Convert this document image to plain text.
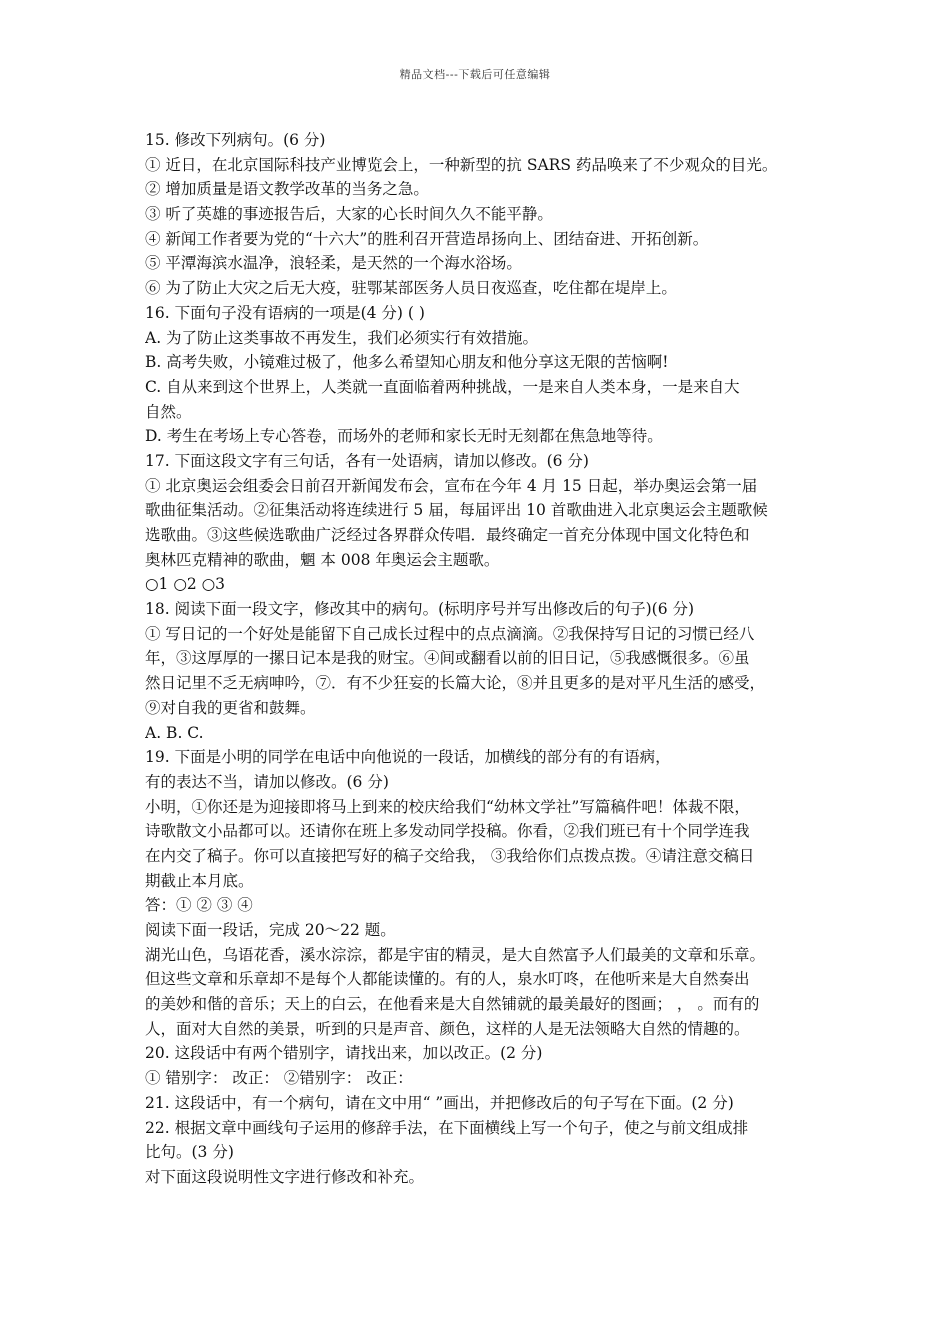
精品文档---下载后可任意编辑
15. 修改下列病句。(6 分)
① 近日，在北京国际科技产业博览会上，一种新型的抗 SARS 药品唤来了不少观众的目光。
② 增加质量是语文教学改革的当务之急。
③ 听了英雄的事迹报告后，大家的心长时间久久不能平静。
④ 新闻工作者要为党的“十六大”的胜利召开营造昂扬向上、团结奋进、开拓创新。
⑤ 平潭海滨水温净，浪轻柔，是天然的一个海水浴场。
⑥ 为了防止大灾之后无大疫，驻鄂某部医务人员日夜巡查，吃住都在堤岸上。
16. 下面句子没有语病的一项是(4 分) ( )
A. 为了防止这类事故不再发生，我们必须实行有效措施。
B. 高考失败，小镜难过极了，他多么希望知心朋友和他分享这无限的苦恼啊!
C. 自从来到这个世界上，人类就一直面临着两种挑战，一是来自人类本身，一是来自大
自然。
D. 考生在考场上专心答卷，而场外的老师和家长无时无刻都在焦急地等待。
17. 下面这段文字有三句话，各有一处语病，请加以修改。(6 分)
① 北京奥运会组委会日前召开新闻发布会，宣布在今年 4 月 15 日起，举办奥运会第一届
歌曲征集活动。②征集活动将连续进行 5 届，每届评出 10 首歌曲进入北京奥运会主题歌候
选歌曲。③这些候选歌曲广泛经过各界群众传唱．最终确定一首充分体现中国文化特色和
奥林匹克精神的歌曲，魍 本 008 年奥运会主题歌。
○1 ○2 ○3
18. 阅读下面一段文字，修改其中的病句。(标明序号并写出修改后的句子)(6 分)
① 写日记的一个好处是能留下自己成长过程中的点点滴滴。②我保持写日记的习惯已经八
年，③这厚厚的一摞日记本是我的财宝。④间或翻看以前的旧日记，⑤我感慨很多。⑥虽
然日记里不乏无病呻吟，⑦．有不少狂妄的长篇大论，⑧并且更多的是对平凡生活的感受，
⑨对自我的更省和鼓舞。
A. B. C.
19. 下面是小明的同学在电话中向他说的一段话，加横线的部分有的有语病，
有的表达不当，请加以修改。(6 分)
小明，①你还是为迎接即将马上到来的校庆给我们“幼林文学社”写篇稿件吧！体裁不限，
诗歌散文小品都可以。还请你在班上多发动同学投稿。你看，②我们班已有十个同学连我
在内交了稿子。你可以直接把写好的稿子交给我， ③我给你们点拨点拨。④请注意交稿日
期截止本月底。
答：① ② ③ ④
阅读下面一段话，完成 20～22 题。
湖光山色，乌语花香，溪水淙淙，都是宇宙的精灵，是大自然富予人们最美的文章和乐章。
但这些文章和乐章却不是每个人都能读懂的。有的人，泉水叮咚，在他听来是大自然奏出
的美妙和偕的音乐；天上的白云，在他看来是大自然铺就的最美最好的图画； ， 。而有的
人，面对大自然的美景，听到的只是声音、颜色，这样的人是无法领略大自然的情趣的。
20. 这段话中有两个错别字，请找出来，加以改正。(2 分)
① 错别字： 改正： ②错别字： 改正：
21. 这段话中，有一个病句，请在文中用“ ”画出，并把修改后的句子写在下面。(2 分)
22. 根据文章中画线句子运用的修辞手法，在下面横线上写一个句子，使之与前文组成排
比句。(3 分)
对下面这段说明性文字进行修改和补充。
